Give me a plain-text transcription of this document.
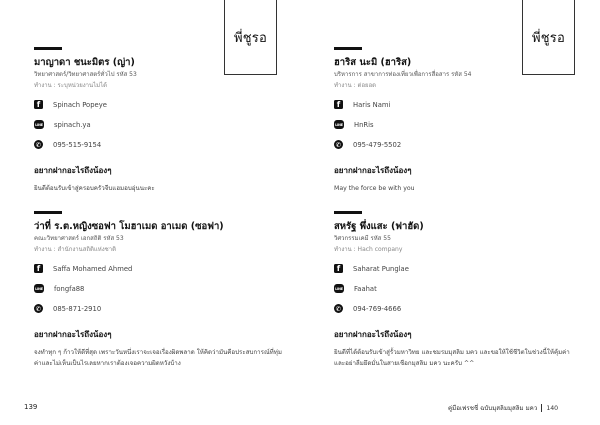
พี่ชูรอ
มาญาดา ชนะมิตร (ญ่า)
วิทยาศาสตร์/วิทยาศาสตร์ทั่วไป รหัส 53
ทำงาน : ระบุหน่วยงานไม่ได้
f	Spinach Popeye
LINE spinach.ya
✆ 095-515-9154
อยากฝากอะไรถึงน้องๆ
ยินดีต้อนรับเข้าสู่ครอบครัวจีบแฮมอบอุ่นนะคะ
ว่าที่ ร.ต.หญิงซอฟา โมฮาเมด อาเมด (ซอฟา)
คณะวิทยาศาสตร์ เอกสถิติ รหัส 53
ทำงาน : สำนักงานสถิติแห่งชาติ
f	Saffa Mohamed Ahmed
LINE fongfa88
✆ 085-871-2910
อยากฝากอะไรถึงน้องๆ
จงทำทุก ๆ ก้าวให้ดีที่สุด เพราะวันหนึ่งเราจะเจอเรื่องผิดพลาด ให้คิดว่ามันคือประสบการณ์ที่ทุ่มค่าและไม่เห็นเป็นไรเลยหากเราต้องเจอความผิดหวังบ้าง
139
พี่ชูรอ
ฮาริส นะมิ (ฮาริส)
บริหารการ สาขาการท่องเที่ยวเพื่อการสื่อสาร รหัส 54
ทำงาน : ต่อยอด
f	Haris Nami
LINE HnRis
✆ 095-479-5502
อยากฝากอะไรถึงน้องๆ
May the force be with you
สหรัฐ พึ่งแสะ (ฟาฮัด)
วิศวกรรมเคมี รหัส 55
ทำงาน : Hach company
f	Saharat Punglae
LINE Faahat
✆ 094-769-4666
อยากฝากอะไรถึงน้องๆ
ยินดีที่ได้ต้อนรับเข้าสู่รั้วมหาวิทย และชมรมมุสลิม มคว และขอให้ใช้ชีวิตในช่วงนี้ให้คุ้มค่า และอย่าลืมยึดมั่นในสายเชือกมุสลิม มคว นะครับ ^^
คู่มือเฟรชชี่ ฉบับมุสลิมมุสลิม มคว 140
